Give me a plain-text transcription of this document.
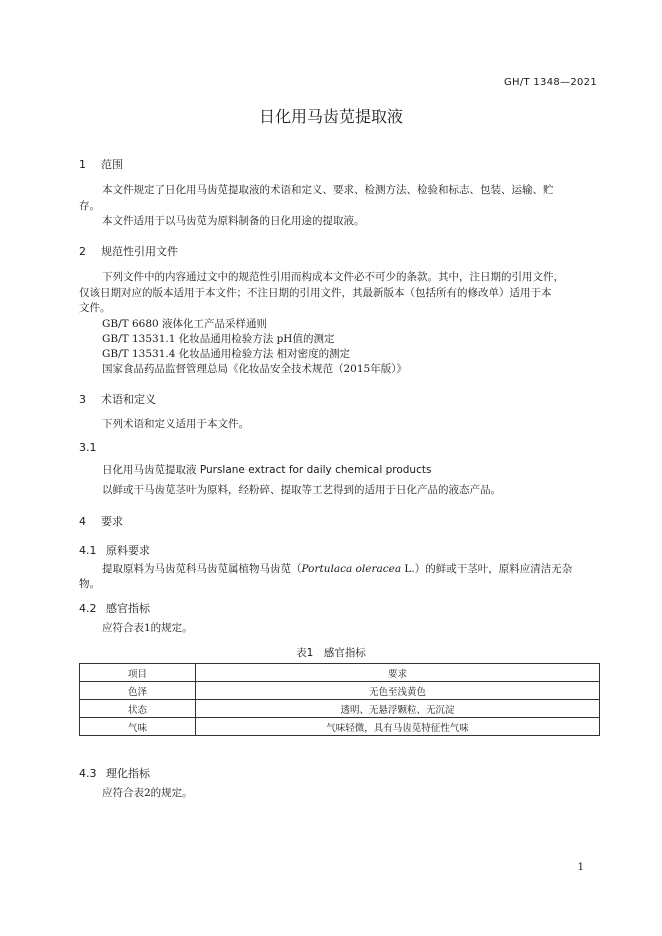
GH/T 1348—2021
日化用马齿苋提取液
1 范围
本文件规定了日化用马齿苋提取液的术语和定义、要求、检测方法、检验和标志、包装、运输、贮
存。
本文件适用于以马齿苋为原料制备的日化用途的提取液。
2 规范性引用文件
下列文件中的内容通过文中的规范性引用而构成本文件必不可少的条款。其中，注日期的引用文件，
仅该日期对应的版本适用于本文件；不注日期的引用文件，其最新版本（包括所有的修改单）适用于本
文件。
GB/T 6680 液体化工产品采样通则
GB/T 13531.1 化妆品通用检验方法 pH值的测定
GB/T 13531.4 化妆品通用检验方法 相对密度的测定
国家食品药品监督管理总局《化妆品安全技术规范（2015年版）》
3 术语和定义
下列术语和定义适用于本文件。
3.1
日化用马齿苋提取液 Purslane extract for daily chemical products
以鲜或干马齿苋茎叶为原料，经粉碎、提取等工艺得到的适用于日化产品的液态产品。
4 要求
4.1 原料要求
提取原料为马齿苋科马齿苋属植物马齿苋（Portulaca oleracea L.）的鲜或干茎叶，原料应清洁无杂
物。
4.2 感官指标
应符合表1的规定。
表1　感官指标
项目	要求
色泽	无色至浅黄色
状态	透明、无悬浮颗粒、无沉淀
气味	气味轻微，具有马齿苋特征性气味
4.3 理化指标
应符合表2的规定。
1
